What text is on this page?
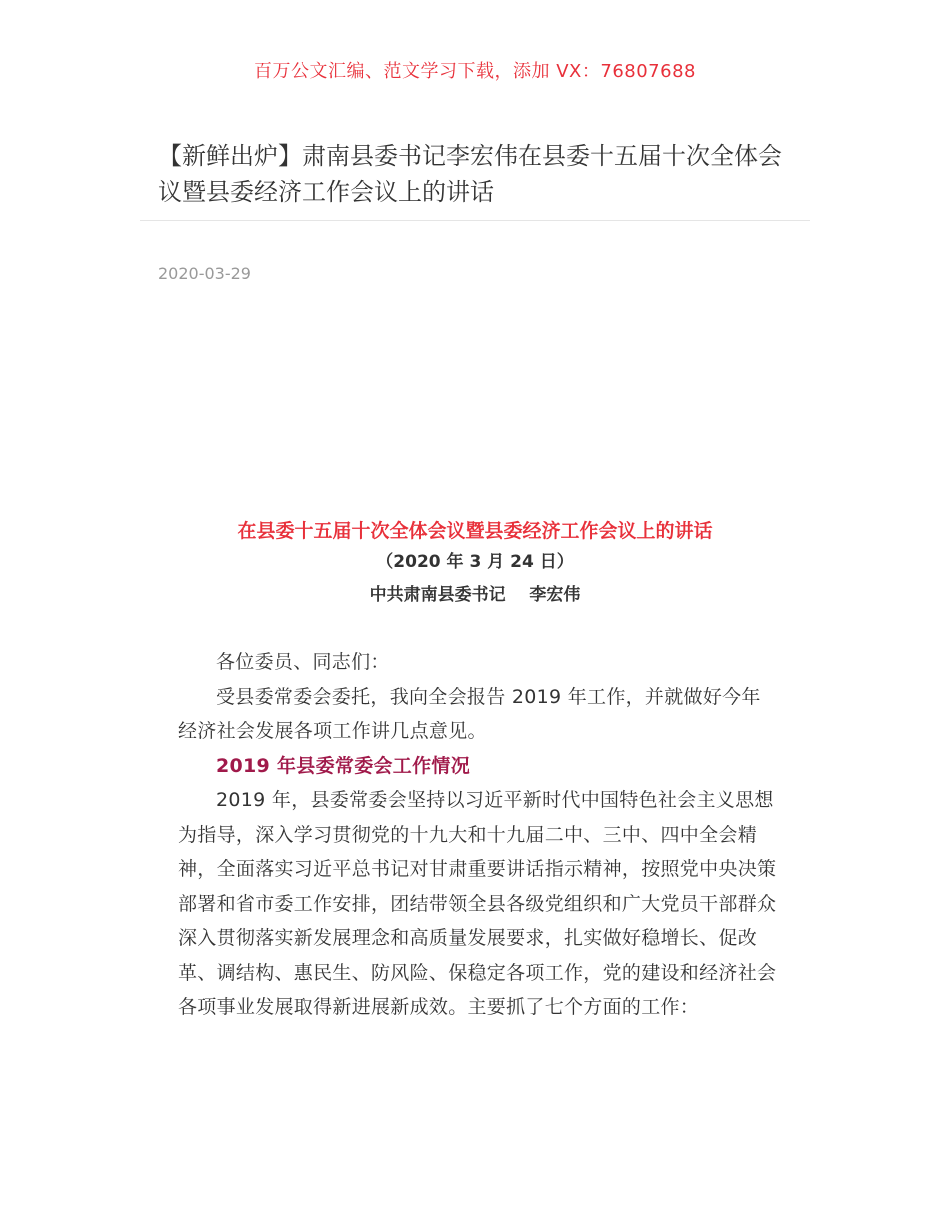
百万公文汇编、范文学习下载，添加 VX：76807688
【新鲜出炉】肃南县委书记李宏伟在县委十五届十次全体会议暨县委经济工作会议上的讲话
2020-03-29
在县委十五届十次全体会议暨县委经济工作会议上的讲话
（2020 年 3 月 24 日）
中共肃南县委书记    李宏伟

各位委员、同志们：

受县委常委会委托，我向全会报告 2019 年工作，并就做好今年经济社会发展各项工作讲几点意见。

2019 年县委常委会工作情况

2019 年，县委常委会坚持以习近平新时代中国特色社会主义思想为指导，深入学习贯彻党的十九大和十九届二中、三中、四中全会精神，全面落实习近平总书记对甘肃重要讲话指示精神，按照党中央决策部署和省市委工作安排，团结带领全县各级党组织和广大党员干部群众深入贯彻落实新发展理念和高质量发展要求，扎实做好稳增长、促改革、调结构、惠民生、防风险、保稳定各项工作，党的建设和经济社会各项事业发展取得新进展新成效。主要抓了七个方面的工作：
